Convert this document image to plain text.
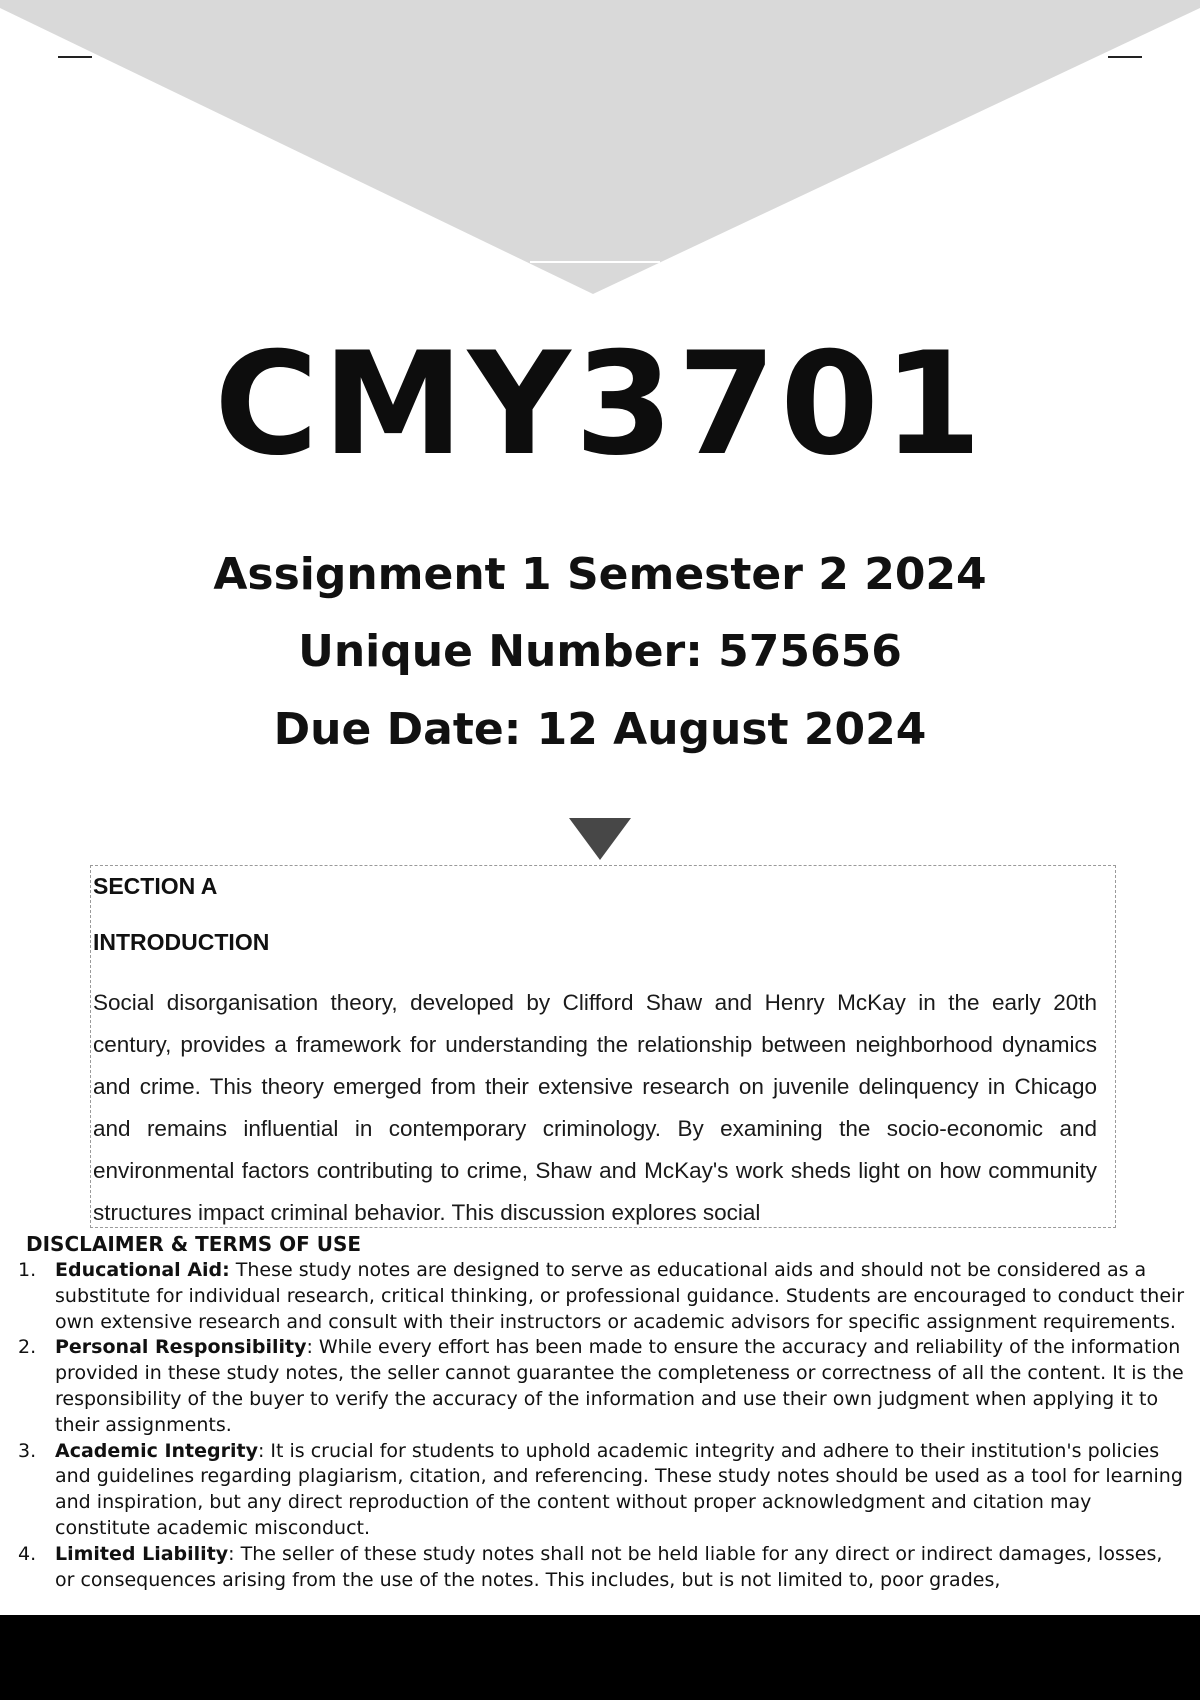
CMY3701
Assignment 1 Semester 2 2024
Unique Number: 575656
Due Date: 12 August 2024
SECTION A
INTRODUCTION

Social disorganisation theory, developed by Clifford Shaw and Henry McKay in the early 20th century, provides a framework for understanding the relationship between neighborhood dynamics and crime. This theory emerged from their extensive research on juvenile delinquency in Chicago and remains influential in contemporary criminology. By examining the socio-economic and environmental factors contributing to crime, Shaw and McKay's work sheds light on how community structures impact criminal behavior. This discussion explores social

DISCLAIMER & TERMS OF USE
1. Educational Aid: These study notes are designed to serve as educational aids and should not be considered as a substitute for individual research, critical thinking, or professional guidance. Students are encouraged to conduct their own extensive research and consult with their instructors or academic advisors for specific assignment requirements.
2. Personal Responsibility: While every effort has been made to ensure the accuracy and reliability of the information provided in these study notes, the seller cannot guarantee the completeness or correctness of all the content. It is the responsibility of the buyer to verify the accuracy of the information and use their own judgment when applying it to their assignments.
3. Academic Integrity: It is crucial for students to uphold academic integrity and adhere to their institution's policies and guidelines regarding plagiarism, citation, and referencing. These study notes should be used as a tool for learning and inspiration, but any direct reproduction of the content without proper acknowledgment and citation may constitute academic misconduct.
4. Limited Liability: The seller of these study notes shall not be held liable for any direct or indirect damages, losses, or consequences arising from the use of the notes. This includes, but is not limited to, poor grades,
